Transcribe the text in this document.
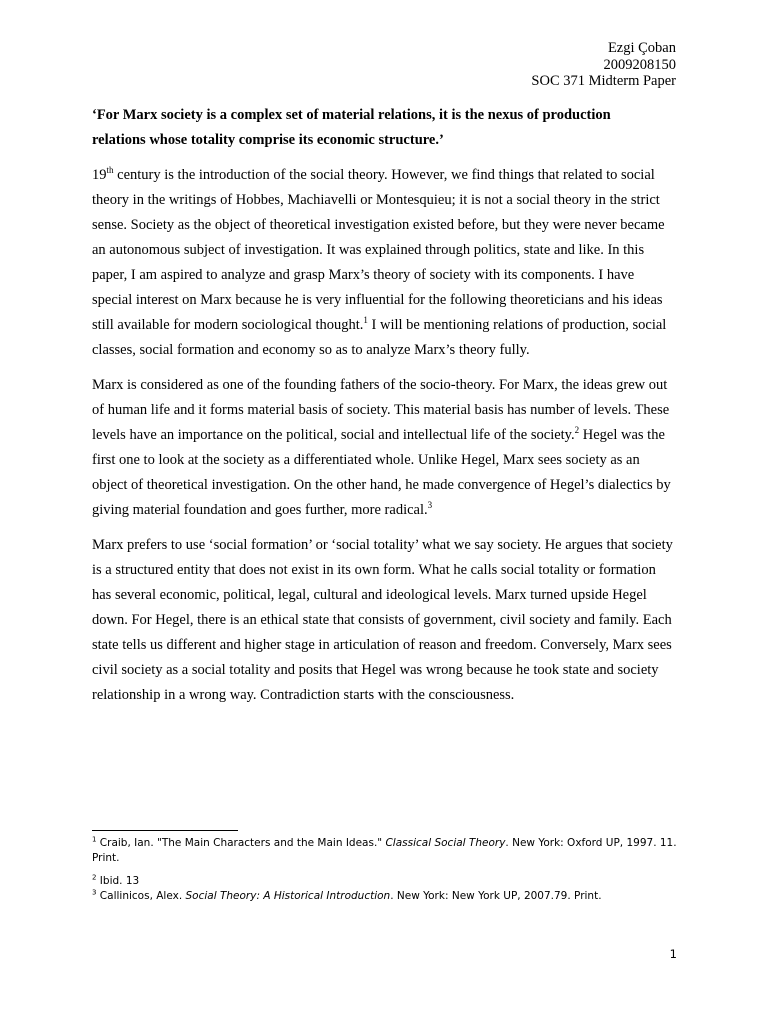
Ezgi Çoban
2009208150
SOC 371 Midterm Paper

‘For Marx society is a complex set of material relations, it is the nexus of production
relations whose totality comprise its economic structure.’

19th century is the introduction of the social theory. However, we find things that related to social theory in the writings of Hobbes, Machiavelli or Montesquieu; it is not a social theory in the strict sense. Society as the object of theoretical investigation existed before, but they were never became an autonomous subject of investigation. It was explained through politics, state and like. In this paper, I am aspired to analyze and grasp Marx’s theory of society with its components. I have special interest on Marx because he is very influential for the following theoreticians and his ideas still available for modern sociological thought.$^1$ I will be mentioning relations of production, social classes, social formation and economy so as to analyze Marx’s theory fully.

Marx is considered as one of the founding fathers of the socio-theory. For Marx, the ideas grew out of human life and it forms material basis of society. This material basis has number of levels. These levels have an importance on the political, social and intellectual life of the society.$^2$ Hegel was the first one to look at the society as a differentiated whole. Unlike Hegel, Marx sees society as an object of theoretical investigation. On the other hand, he made convergence of Hegel’s dialectics by giving material foundation and goes further, more radical.$^3$

Marx prefers to use ‘social formation’ or ‘social totality’ what we say society. He argues that society is a structured entity that does not exist in its own form. What he calls social totality or formation has several economic, political, legal, cultural and ideological levels. Marx turned upside Hegel down. For Hegel, there is an ethical state that consists of government, civil society and family. Each state tells us different and higher stage in articulation of reason and freedom. Conversely, Marx sees civil society as a social totality and posits that Hegel was wrong because he took state and society relationship in a wrong way. Contradiction starts with the consciousness.

$^1$ Craib, Ian. "The Main Characters and the Main Ideas." Classical Social Theory. New York: Oxford UP, 1997. 11. Print.

$^2$ Ibid. 13

$^3$ Callinicos, Alex. Social Theory: A Historical Introduction. New York: New York UP, 2007.79. Print.

1
